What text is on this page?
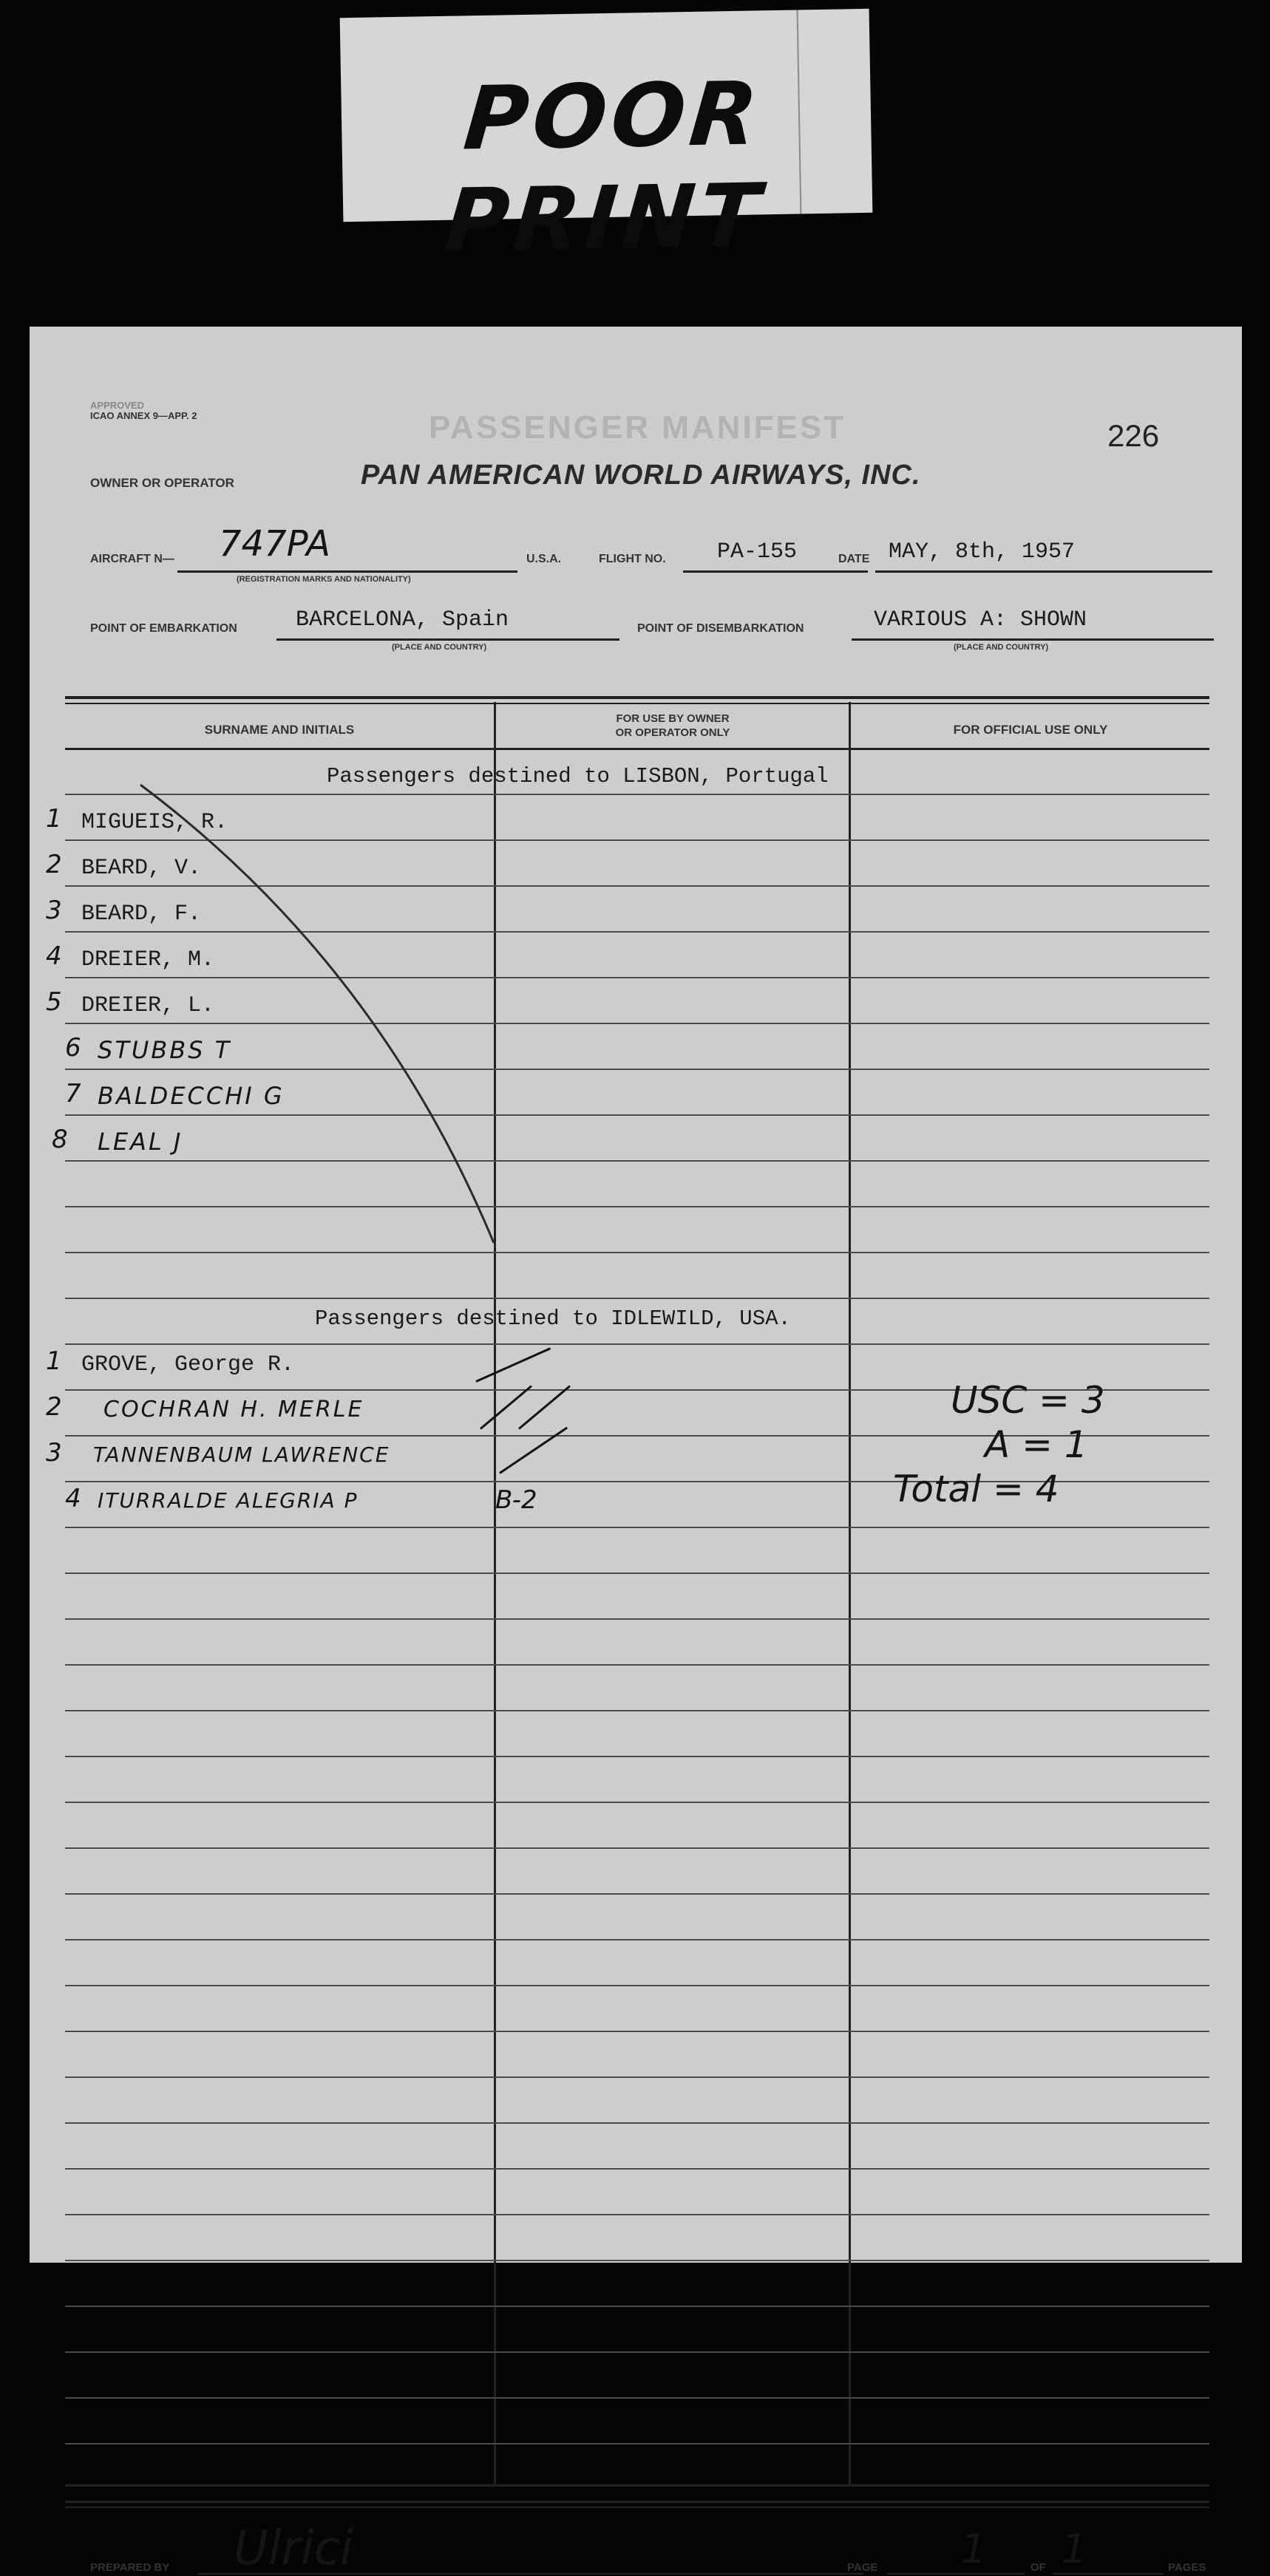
POOR PRINT
APPROVED
ICAO ANNEX 9—APP. 2	PASSENGER MANIFEST	226
OWNER OR OPERATOR	PAN AMERICAN WORLD AIRWAYS, INC.
AIRCRAFT N— 747PA
(REGISTRATION MARKS AND NATIONALITY)
U.S.A.	FLIGHT NO. PA-155	DATE MAY, 8th, 1957
POINT OF EMBARKATION	BARCELONA, Spain
(PLACE AND COUNTRY)
POINT OF DISEMBARKATION	VARIOUS A: SHOWN
(PLACE AND COUNTRY)
SURNAME AND INITIALS
FOR USE BY OWNER
OR OPERATOR ONLY	FOR OFFICIAL USE ONLY
Passengers destined to LISBON, Portugal
1 MIGUEIS, R.
2 BEARD, V.
3 BEARD, F.
4 DREIER, M.
5 DREIER, L.
6 STUBBS T
7 BALDECCHI G
8 LEAL J
Passengers destined to IDLEWILD, USA.
1 GROVE, George R.
2 COCHRAN H. MERLE
3 TANNENBAUM LAWRENCE
4 ITURRALDE ALEGRIA P	B-2
USC = 3
A = 1
Total = 4
PREPARED BY Ulrici	PAGE 1	OF 1	PAGES
